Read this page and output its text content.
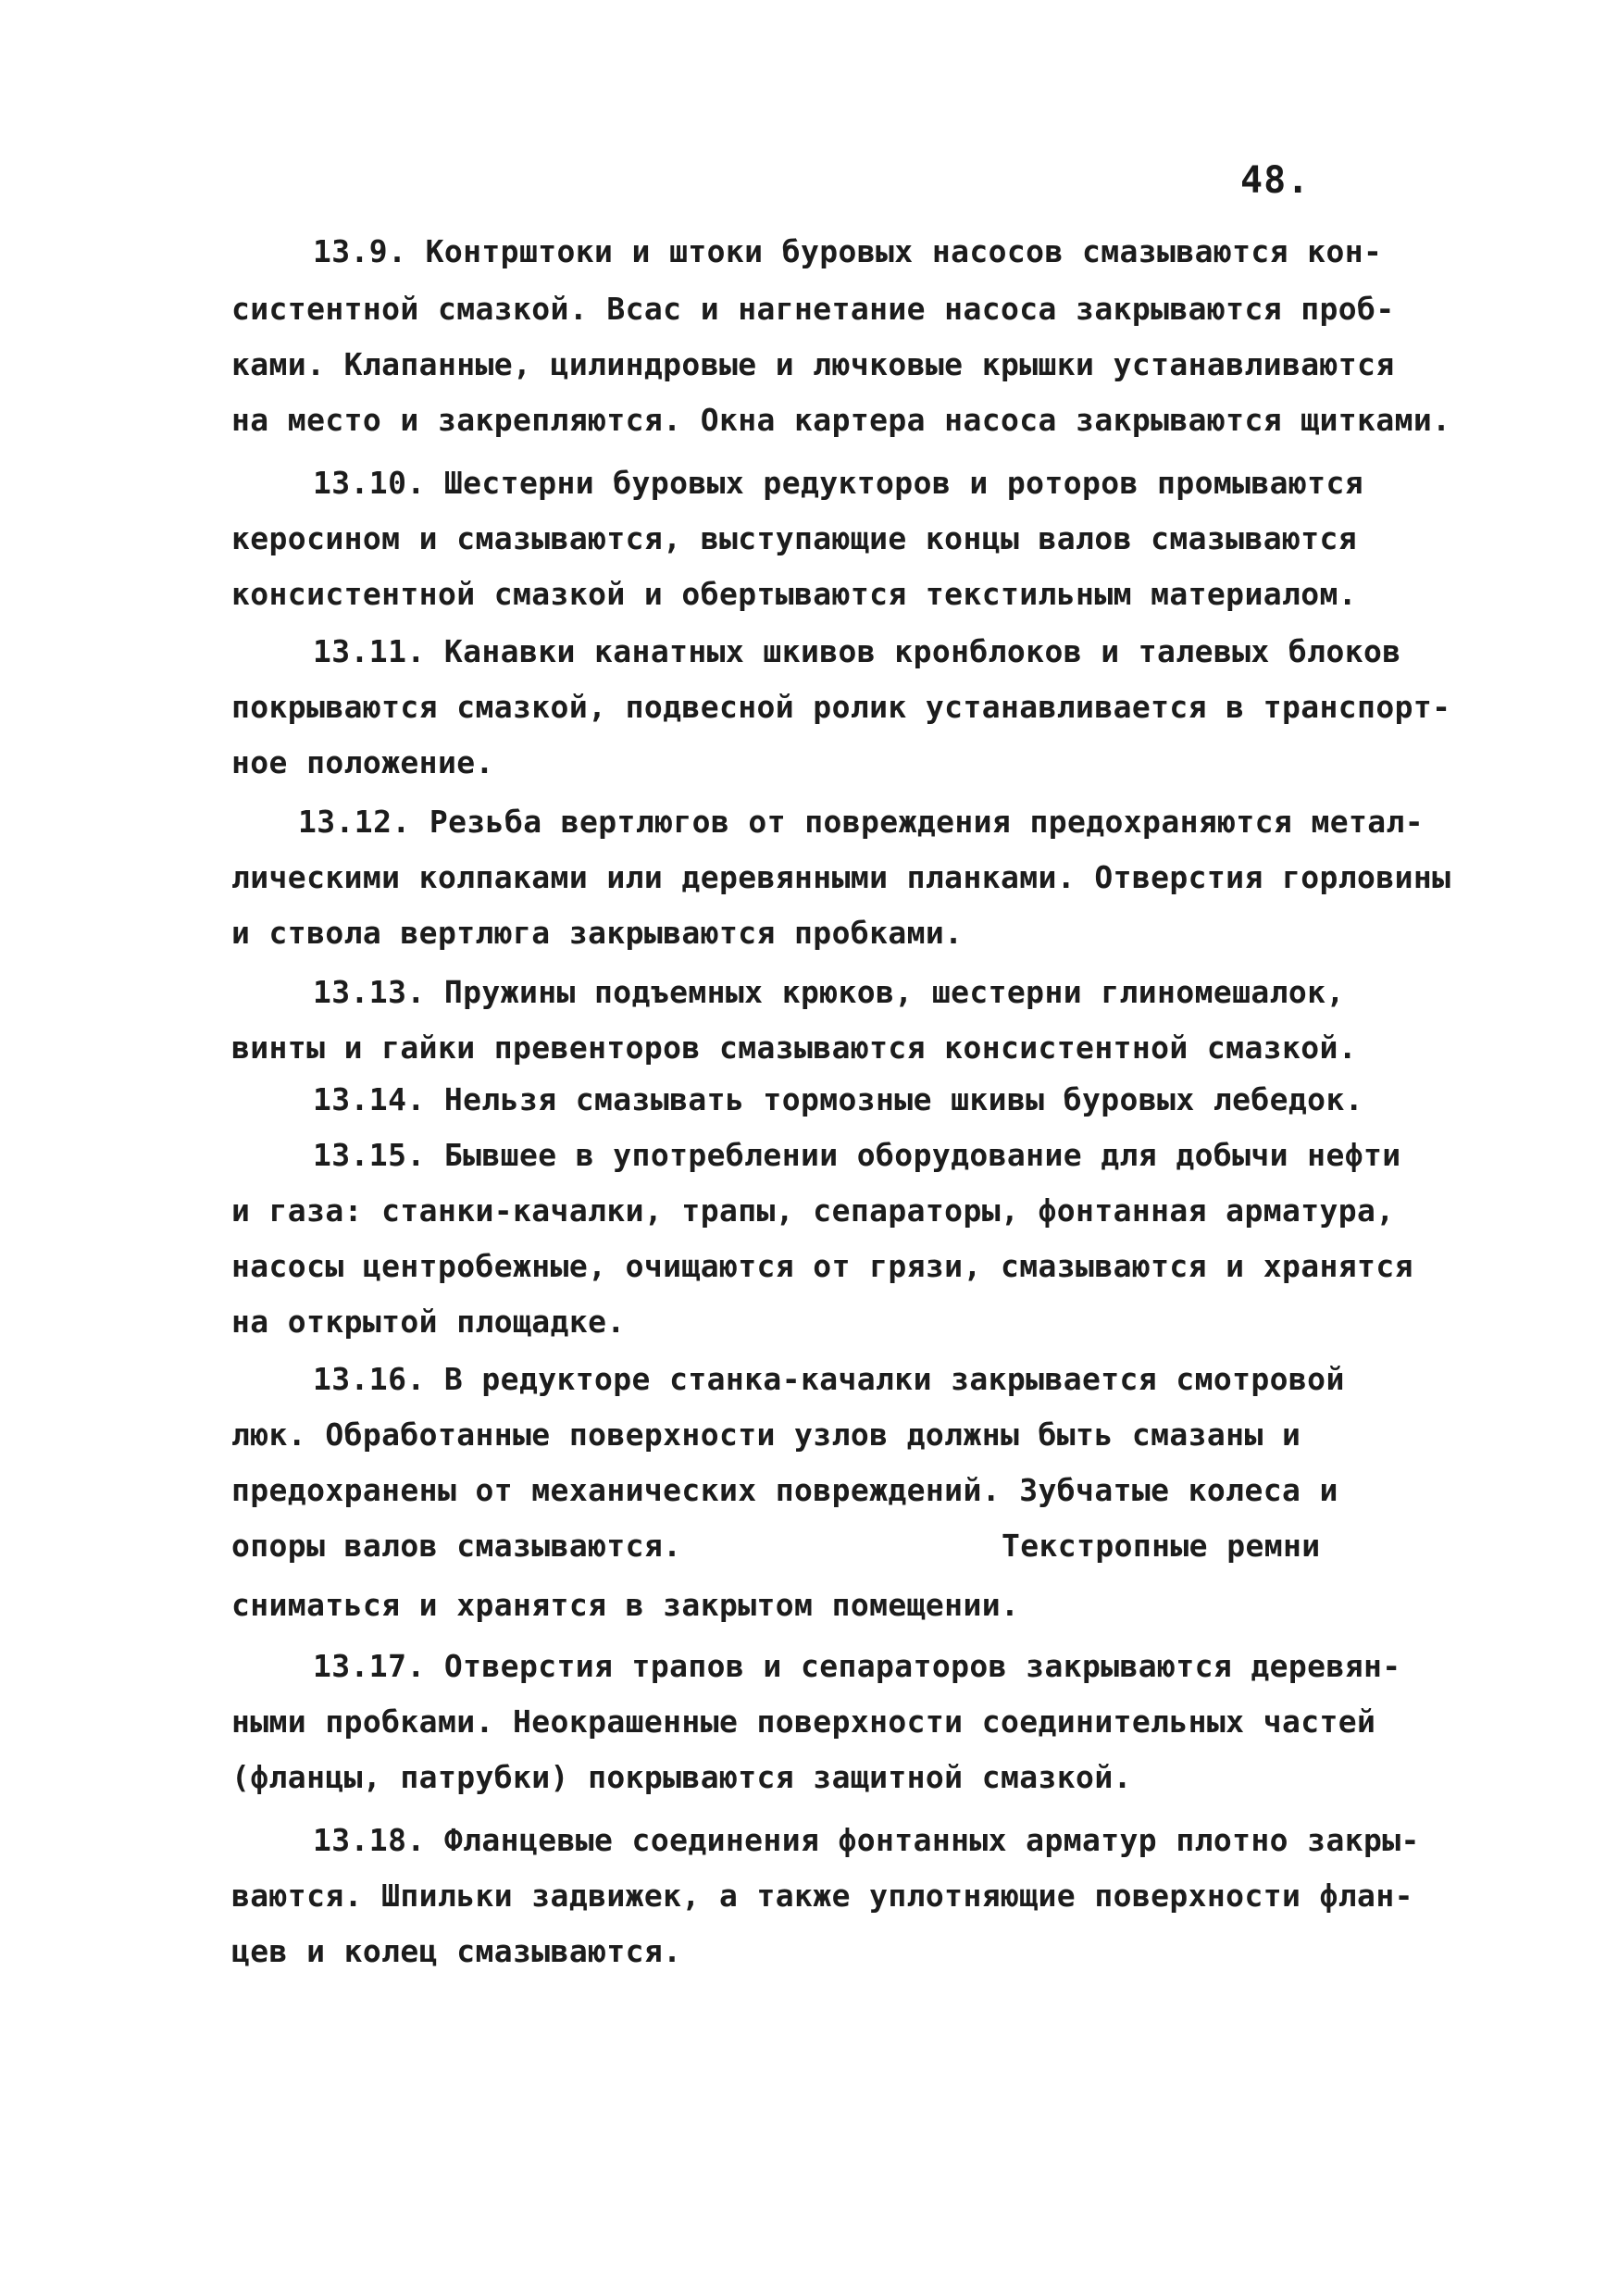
48.
13.9. Контрштоки и штоки буровых насосов смазываются кон-
систентной смазкой. Всас и нагнетание насоса закрываются проб-
ками. Клапанные, цилиндровые и лючковые крышки устанавливаются
на место и закрепляются. Окна картера насоса закрываются щитками.
13.10. Шестерни буровых редукторов и роторов промываются
керосином и смазываются, выступающие концы валов смазываются
консистентной смазкой и обертываются текстильным материалом.
13.11. Канавки канатных шкивов кронблоков и талевых блоков
покрываются смазкой, подвесной ролик устанавливается в транспорт-
ное положение.
13.12. Резьба вертлюгов от повреждения предохраняются метал-
лическими колпаками или деревянными планками. Отверстия горловины
и ствола вертлюга закрываются пробками.
13.13. Пружины подъемных крюков, шестерни глиномешалок,
винты и гайки превенторов смазываются консистентной смазкой.
13.14. Нельзя смазывать тормозные шкивы буровых лебедок.
13.15. Бывшее в употреблении оборудование для добычи нефти
и газа: станки-качалки, трапы, сепараторы, фонтанная арматура,
насосы центробежные, очищаются от грязи, смазываются и хранятся
на открытой площадке.
13.16. В редукторе станка-качалки закрывается смотровой
люк. Обработанные поверхности узлов должны быть смазаны и
предохранены от механических повреждений. Зубчатые колеса и
опоры валов смазываются.
сниматься и хранятся в закрытом помещении.
Текстропные ремни
13.17. Отверстия трапов и сепараторов закрываются деревян-
ными пробками. Неокрашенные поверхности соединительных частей
(фланцы, патрубки) покрываются защитной смазкой.
13.18. Фланцевые соединения фонтанных арматур плотно закры-
ваются. Шпильки задвижек, а также уплотняющие поверхности флан-
цев и колец смазываются.
